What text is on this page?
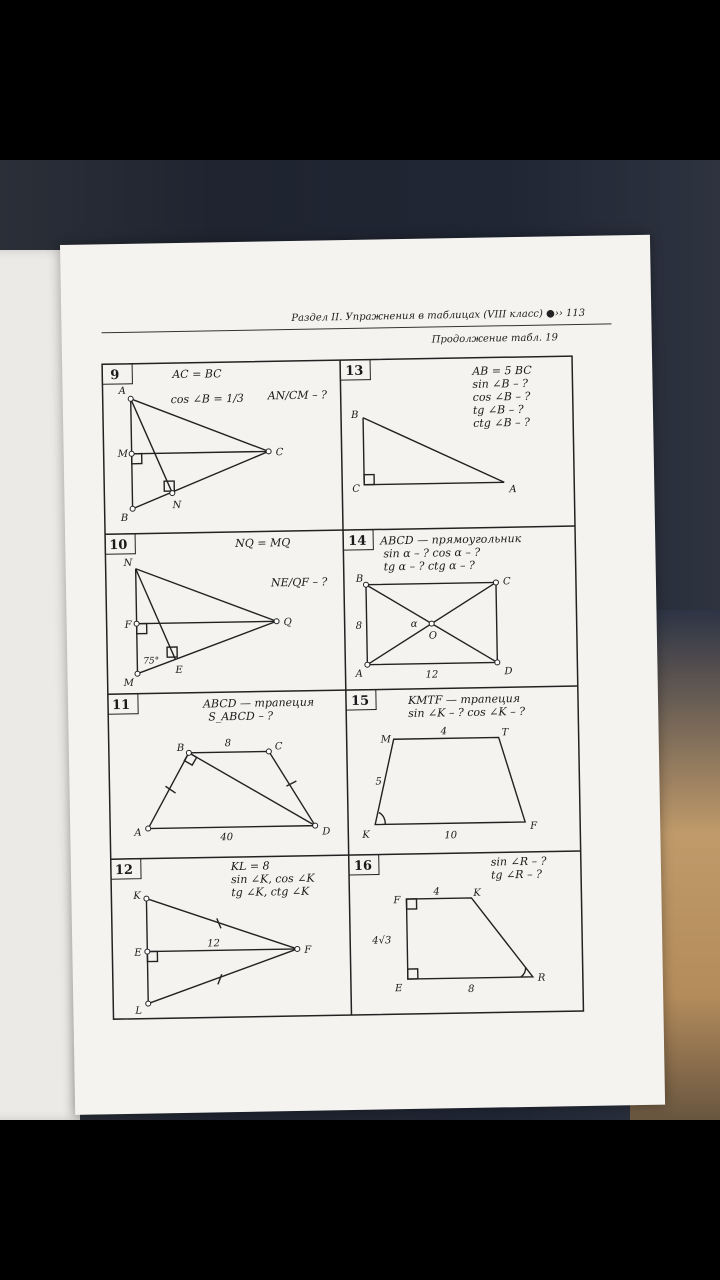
Раздел II. Упражнения в таблицах (VIII класс) ●›› 113
Продолжение табл. 19
9	13
10	14
11	15
12	16
AC = BC
cos ∠B = 1/3 AN/CM – ?
A
M
B
N
C
AB = 5 BC
sin ∠B – ?
cos ∠B – ?
tg ∠B – ?
ctg ∠B – ?
B
C	A
NQ = MQ
NE/QF – ?
N
F	Q
E
M
75°
ABCD — прямоугольник
sin α – ? cos α – ?
tg α – ? ctg α – ?
B	C
A	D
O
8
12
α
ABCD — трапеция
S_ABCD – ?
B	C
A	D
8
40
KMTF — трапеция
sin ∠K – ? cos ∠K – ?
M
T
K
F
4
5
10
KL = 8
sin ∠K, cos ∠K
tg ∠K, ctg ∠K
K
E	F
L
12
sin ∠R – ?
tg ∠R – ?
F
K
E
R
4
4√3
8
